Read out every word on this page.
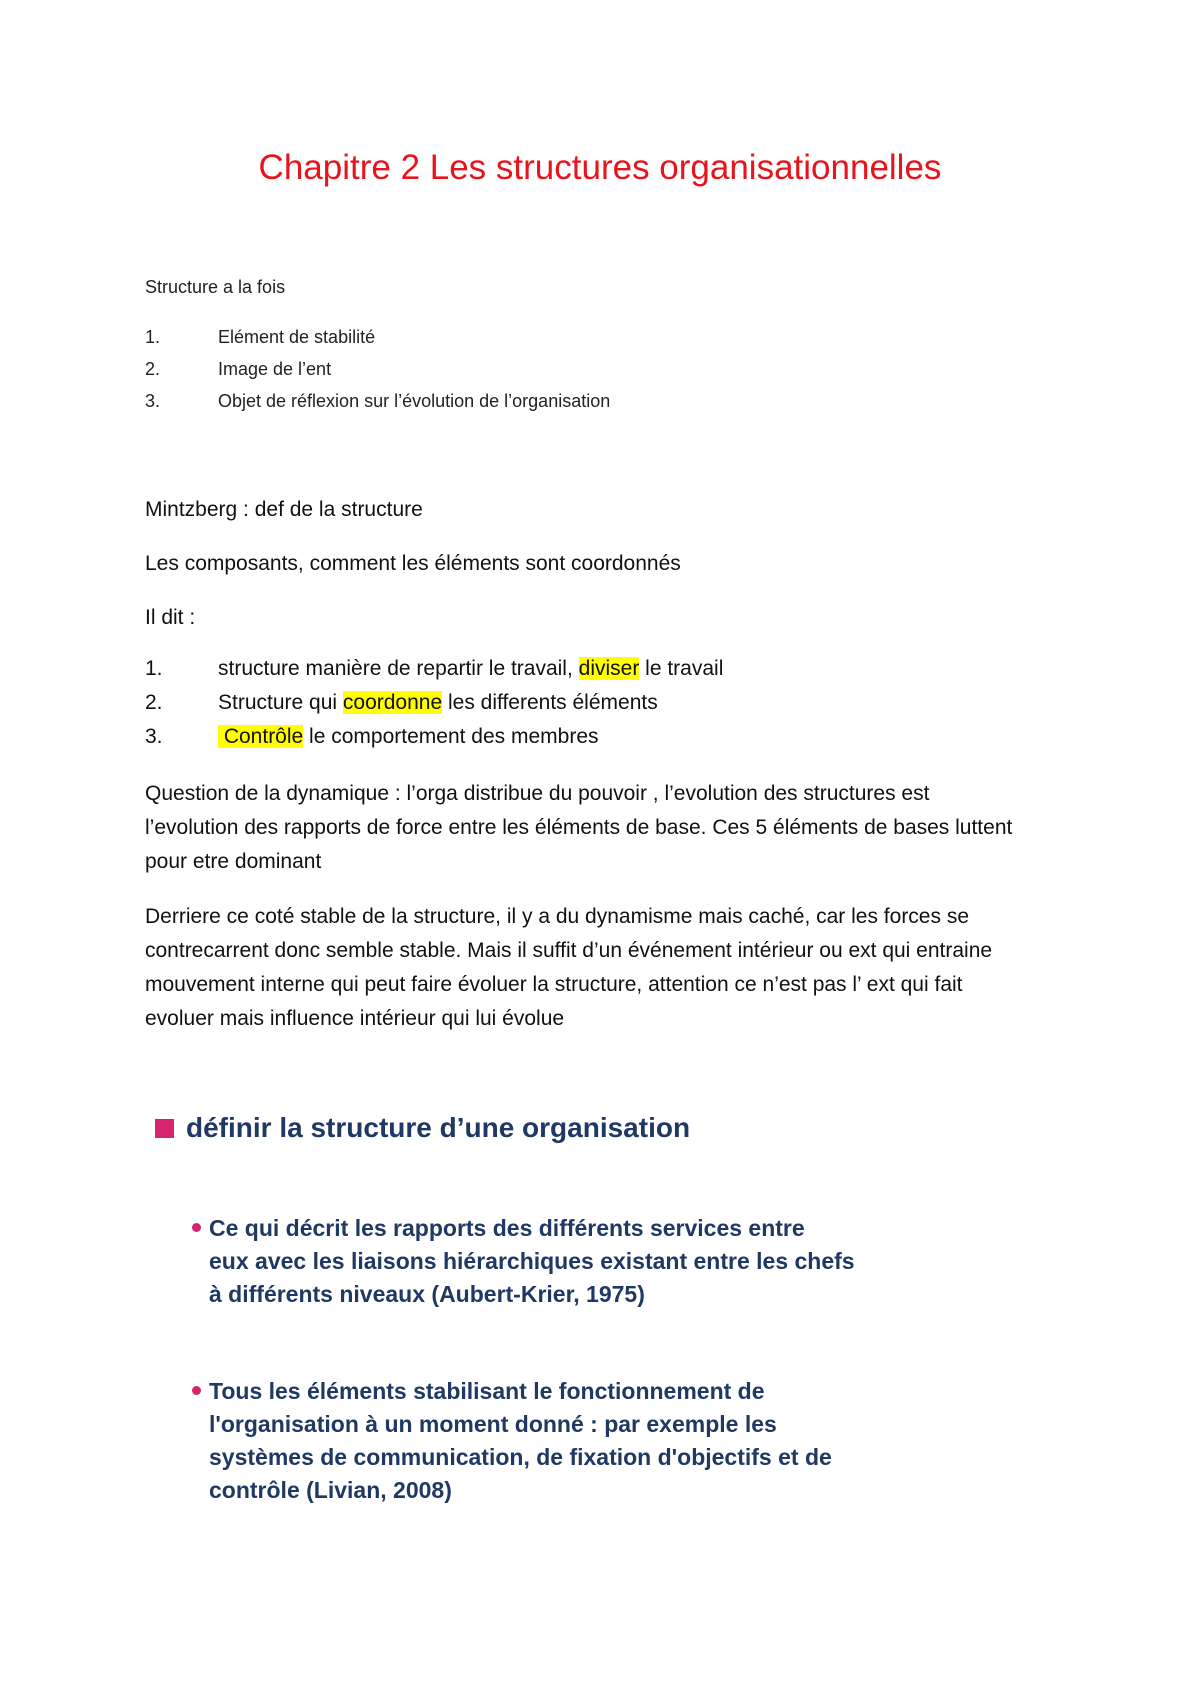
Chapitre 2 Les structures organisationnelles
Structure a la fois
1.	Elément de stabilité
2.	Image de l’ent
3.	Objet de réflexion sur l’évolution de l’organisation

Mintzberg : def de la structure

Les composants, comment les éléments sont coordonnés

Il dit :

1.	structure manière de repartir le travail, diviser le travail
2.	Structure qui coordonne les differents éléments
3.	Contrôle le comportement des membres

Question de la dynamique : l’orga distribue du pouvoir , l’evolution des structures est
l’evolution des rapports de force entre les éléments de base. Ces 5 éléments de bases luttent
pour etre dominant

Derriere ce coté stable de la structure, il y a du dynamisme mais caché, car les forces se
contrecarrent donc semble stable. Mais il suffit d’un événement intérieur ou ext qui entraine
mouvement interne qui peut faire évoluer la structure, attention ce n’est pas l’ ext qui fait
evoluer mais influence intérieur qui lui évolue

définir la structure d’une organisation
Ce qui décrit les rapports des différents services entre
eux avec les liaisons hiérarchiques existant entre les chefs
à différents niveaux (Aubert-Krier, 1975)
Tous les éléments stabilisant le fonctionnement de
l'organisation à un moment donné : par exemple les
systèmes de communication, de fixation d'objectifs et de
contrôle (Livian, 2008)
